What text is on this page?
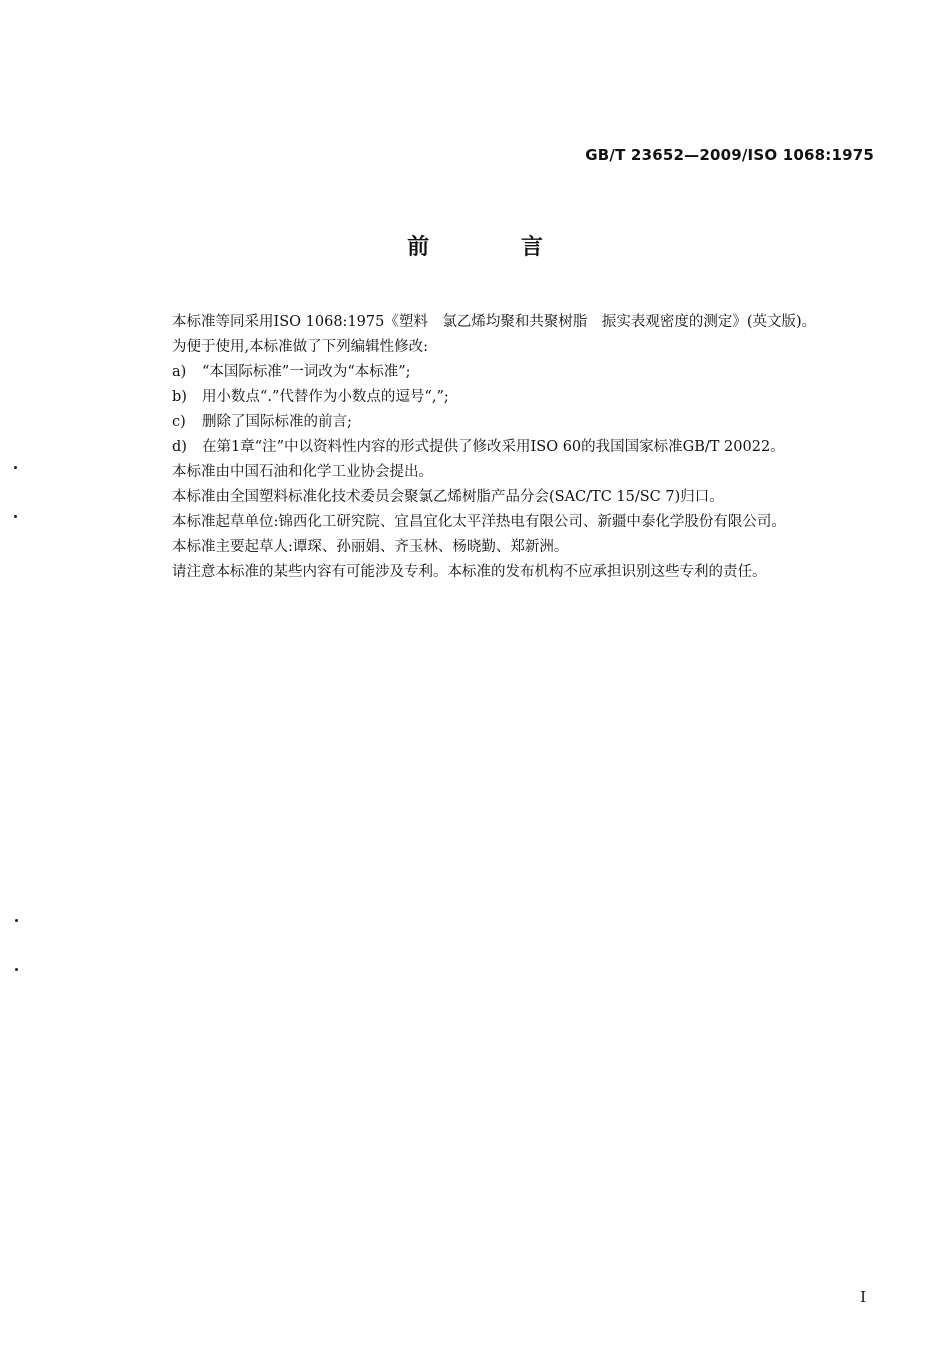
GB/T 23652—2009/ISO 1068:1975
前 言
本标准等同采用ISO 1068:1975《塑料　氯乙烯均聚和共聚树脂　振实表观密度的测定》(英文版)。
为便于使用,本标准做了下列编辑性修改:
a) “本国际标准”一词改为“本标准”;
b) 用小数点“.”代替作为小数点的逗号“,”;
c) 删除了国际标准的前言;
d) 在第1章“注”中以资料性内容的形式提供了修改采用ISO 60的我国国家标准GB/T 20022。
本标准由中国石油和化学工业协会提出。
本标准由全国塑料标准化技术委员会聚氯乙烯树脂产品分会(SAC/TC 15/SC 7)归口。
本标准起草单位:锦西化工研究院、宜昌宜化太平洋热电有限公司、新疆中泰化学股份有限公司。
本标准主要起草人:谭琛、孙丽娟、齐玉林、杨晓勤、郑新洲。
请注意本标准的某些内容有可能涉及专利。本标准的发布机构不应承担识别这些专利的责任。
I
